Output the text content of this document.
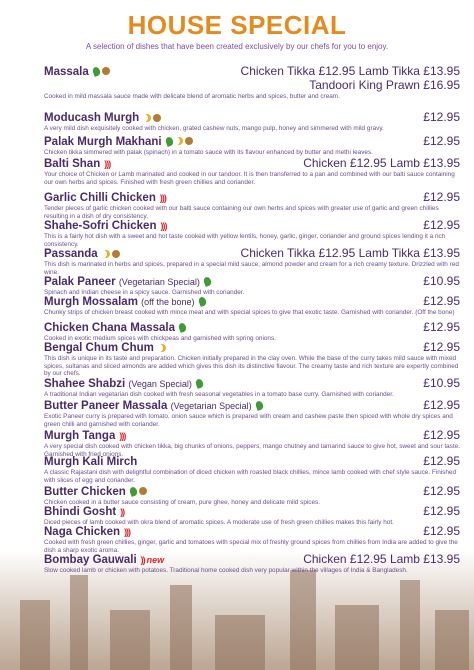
HOUSE SPECIAL
A selection of dishes that have been created exclusively by our chefs for you to enjoy.
Massala	Chicken Tikka £12.95 Lamb Tikka £13.95
Tandoori King Prawn £16.95
Cooked in mild massala sauce made with delicate blend of aromatic herbs and spices, butter and cream.
Moducash Murgh	£12.95
A very mild dish exquisitely cooked with chicken, grated cashew nuts, mango pulp, honey and simmered with mild gravy.
Palak Murgh Makhani	£12.95
Chicken tikka simmered with palak (spinach) in a tomato sauce with its flavour enhanced by butter and methi leaves.
Balti Shan )))	Chicken £12.95 Lamb £13.95
Your choice of Chicken or Lamb marinated and cooked in our tandoor. It is then transferred to a pan and combined with our balti sauce containing our own herbs and spices. Finished with fresh green chillies and coriander.
Garlic Chilli Chicken )))	£12.95
Tender pieces of garlic chicken cooked with our balti sauce containing our own herbs and spices with greater use of garlic and green chillies resulting in a dish of dry consistency.
Shahe-Sofri Chicken )))	£12.95
This is a fairly hot dish with a sweet and hot taste cooked with yellow lentils, honey, garlic, ginger, coriander and ground spices lending it a rich consistency.
Passanda	Chicken Tikka £12.95 Lamb Tikka £13.95
This dish is marinated in herbs and spices, prepared in a special mild sauce, almond powder and cream for a rich creamy texture. Drizzled with red wine.
Palak Paneer (Vegetarian Special)	£10.95
Spinach and Indian cheese in a spicy sauce. Garnished with coriander.
Murgh Mossalam (off the bone)	£12.95
Chunky strips of chicken breast cooked with mince meat and with special spices to give that exotic taste. Garnished with coriander. (Off the bone)
Chicken Chana Massala	£12.95
Cooked in exotic medium spices with chickpeas and garnished with spring onions.
Bengal Chum Chum	£12.95
This dish is unique in its taste and preparation. Chicken initially prepared in the clay oven. While the base of the curry takes mild sauce with mixed spices, sultanas and sliced almonds are added which gives this dish its distinctive flavour. The creamy taste and rich texture are expertly combined by our chefs.
Shahee Shabzi (Vegan Special)	£10.95
A traditional Indian vegetarian dish cooked with fresh seasonal vegetables in a tomato base curry. Garnished with coriander.
Butter Paneer Massala (Vegetarian Special)	£12.95
Exotic Paneer curry is prepared with tomato, onion sauce which is prepared with cream and cashew paste then spiced with whole dry spices and green chilli and garnished with coriander.
Murgh Tanga )))	£12.95
A very special dish cooked with chicken tikka, big chunks of onions, peppers, mango chutney and tamarind sauce to give hot, sweet and sour taste. Garnished with fried onions.
Murgh Kali Mirch	£12.95
A classic Rajastani dish with delightful combination of diced chicken with roasted black chillies, mince lamb cooked with chef style sauce. Finished with slices of egg and coriander.
Butter Chicken	£12.95
Chicken cooked in a butter sauce consisting of cream, pure ghee, honey and delicate mild spices.
Bhindi Gosht ))	£12.95
Diced pieces of lamb cooked with okra blend of aromatic spices. A moderate use of fresh green chillies makes this fairly hot.
Naga Chicken )))	£12.95
Cooked with fresh green chillies, ginger, garlic and tomatoes with special mix of freshly ground spices from chillies from India are added to give the dish a sharp exotic aroma.
Bombay Gauwali )) new	Chicken £12.95 Lamb £13.95
Slow cooked lamb or chicken with potatoes. Traditional home cooked dish very popular within the villages of India & Bangladesh.
